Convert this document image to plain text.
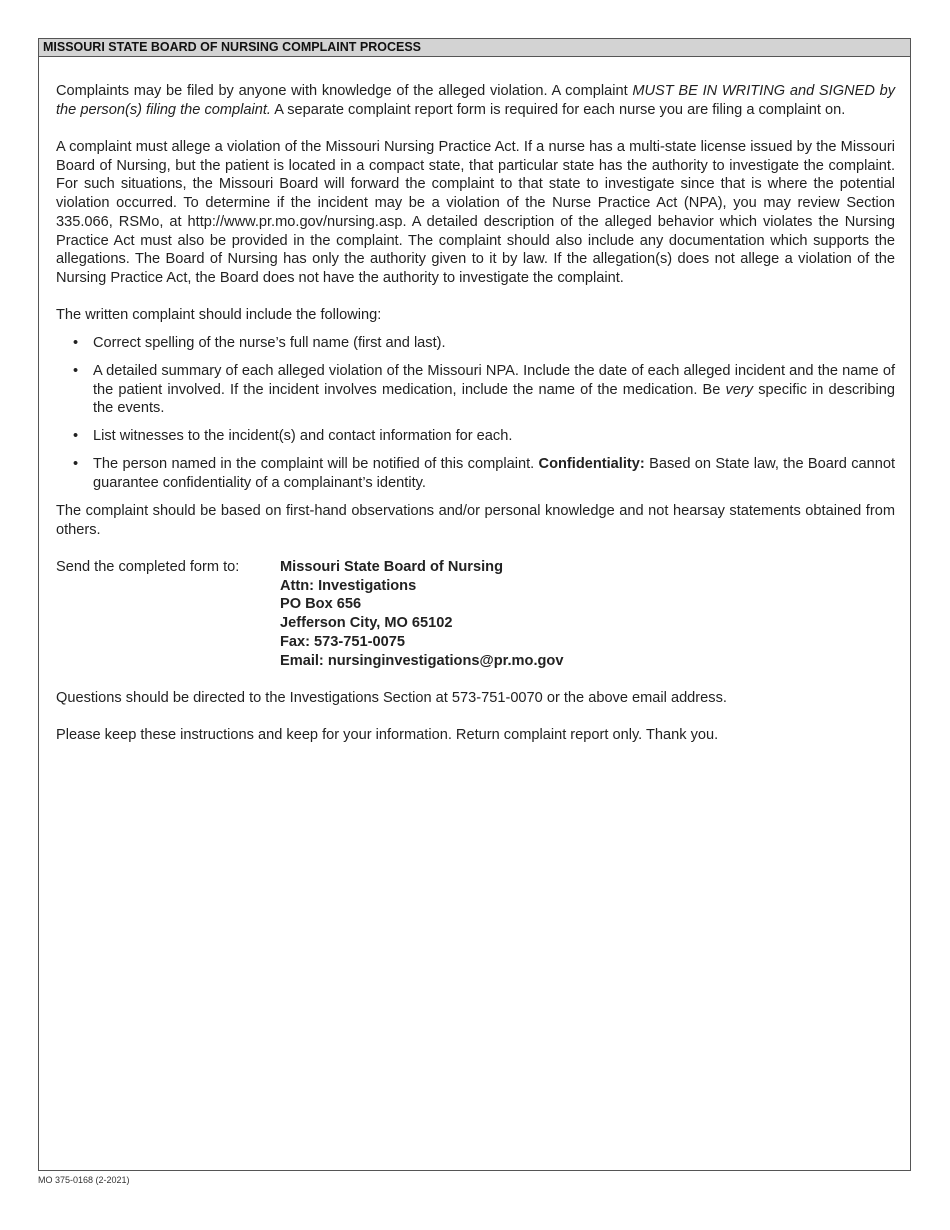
MISSOURI STATE BOARD OF NURSING COMPLAINT PROCESS

Complaints may be filed by anyone with knowledge of the alleged violation. A complaint MUST BE IN WRITING and SIGNED by the person(s) filing the complaint. A separate complaint report form is required for each nurse you are filing a complaint on.

A complaint must allege a violation of the Missouri Nursing Practice Act. If a nurse has a multi-state license issued by the Missouri Board of Nursing, but the patient is located in a compact state, that particular state has the authority to investigate the complaint. For such situations, the Missouri Board will forward the complaint to that state to investigate since that is where the potential violation occurred. To determine if the incident may be a violation of the Nurse Practice Act (NPA), you may review Section 335.066, RSMo, at http://www.pr.mo.gov/nursing.asp. A detailed description of the alleged behavior which violates the Nursing Practice Act must also be provided in the complaint. The complaint should also include any documentation which supports the allegations. The Board of Nursing has only the authority given to it by law. If the allegation(s) does not allege a violation of the Nursing Practice Act, the Board does not have the authority to investigate the complaint.

The written complaint should include the following:

• Correct spelling of the nurse’s full name (first and last).
• A detailed summary of each alleged violation of the Missouri NPA. Include the date of each alleged incident and the name of the patient involved. If the incident involves medication, include the name of the medication. Be very specific in describing the events.
• List witnesses to the incident(s) and contact information for each.
• The person named in the complaint will be notified of this complaint. Confidentiality: Based on State law, the Board cannot guarantee confidentiality of a complainant’s identity.

The complaint should be based on first-hand observations and/or personal knowledge and not hearsay statements obtained from others.

Send the completed form to:	Missouri State Board of Nursing
Attn: Investigations
PO Box 656
Jefferson City, MO 65102
Fax: 573-751-0075
Email: nursinginvestigations@pr.mo.gov

Questions should be directed to the Investigations Section at 573-751-0070 or the above email address.

Please keep these instructions and keep for your information. Return complaint report only. Thank you.

MO 375-0168 (2-2021)
